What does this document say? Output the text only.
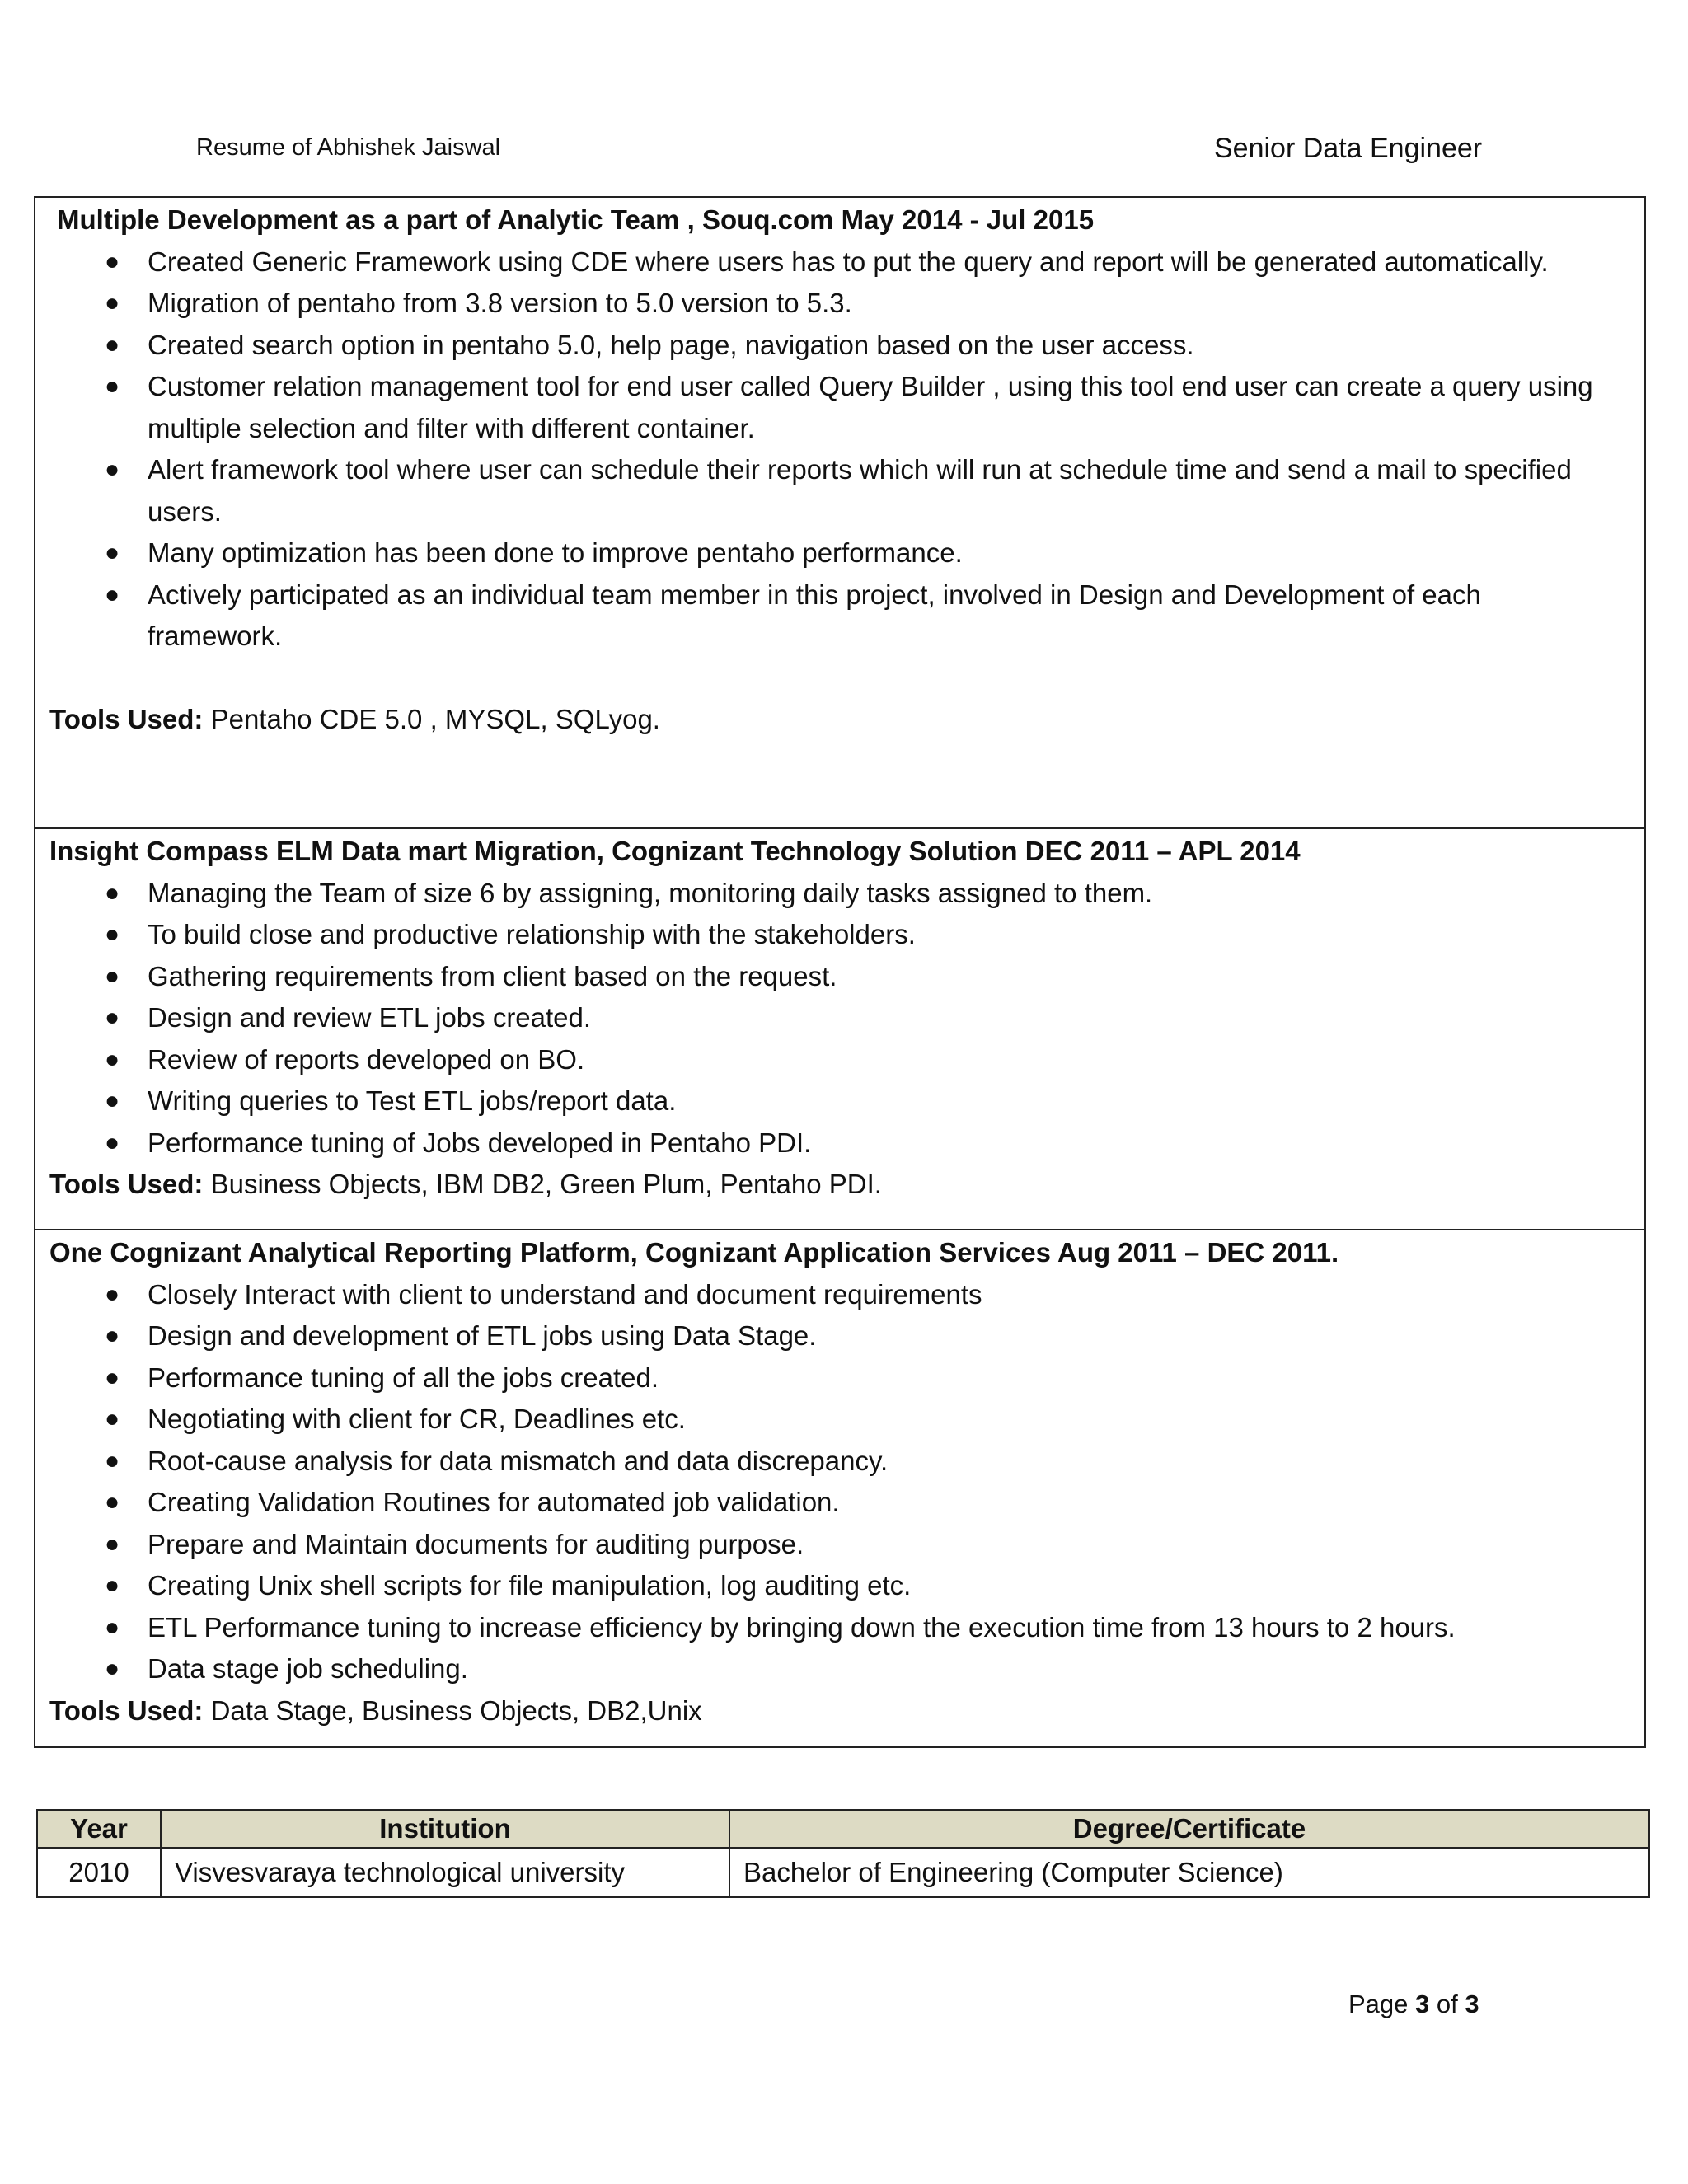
Resume of Abhishek Jaiswal	Senior Data Engineer
Multiple Development as a part of Analytic Team , Souq.com May 2014 - Jul 2015
● Created Generic Framework using CDE where users has to put the query and report will be generated automatically.
● Migration of pentaho from 3.8 version to 5.0 version to 5.3.
● Created search option in pentaho 5.0, help page, navigation based on the user access.
● Customer relation management tool for end user called Query Builder , using this tool end user can create a query using multiple selection and filter with different container.
● Alert framework tool where user can schedule their reports which will run at schedule time and send a mail to specified users.
● Many optimization has been done to improve pentaho performance.
● Actively participated as an individual team member in this project, involved in Design and Development of each framework.
Tools Used: Pentaho CDE 5.0 , MYSQL, SQLyog.
Insight Compass ELM Data mart Migration, Cognizant Technology Solution DEC 2011 – APL 2014
● Managing the Team of size 6 by assigning, monitoring daily tasks assigned to them.
● To build close and productive relationship with the stakeholders.
● Gathering requirements from client based on the request.
● Design and review ETL jobs created.
● Review of reports developed on BO.
● Writing queries to Test ETL jobs/report data.
● Performance tuning of Jobs developed in Pentaho PDI.
Tools Used: Business Objects, IBM DB2, Green Plum, Pentaho PDI.
One Cognizant Analytical Reporting Platform, Cognizant Application Services Aug 2011 – DEC 2011.
● Closely Interact with client to understand and document requirements
● Design and development of ETL jobs using Data Stage.
● Performance tuning of all the jobs created.
● Negotiating with client for CR, Deadlines etc.
● Root-cause analysis for data mismatch and data discrepancy.
● Creating Validation Routines for automated job validation.
● Prepare and Maintain documents for auditing purpose.
● Creating Unix shell scripts for file manipulation, log auditing etc.
● ETL Performance tuning to increase efficiency by bringing down the execution time from 13 hours to 2 hours.
● Data stage job scheduling.
Tools Used: Data Stage, Business Objects, DB2,Unix
Year	Institution	Degree/Certificate
2010	Visvesvaraya technological university	Bachelor of Engineering (Computer Science)
Page 3 of 3
